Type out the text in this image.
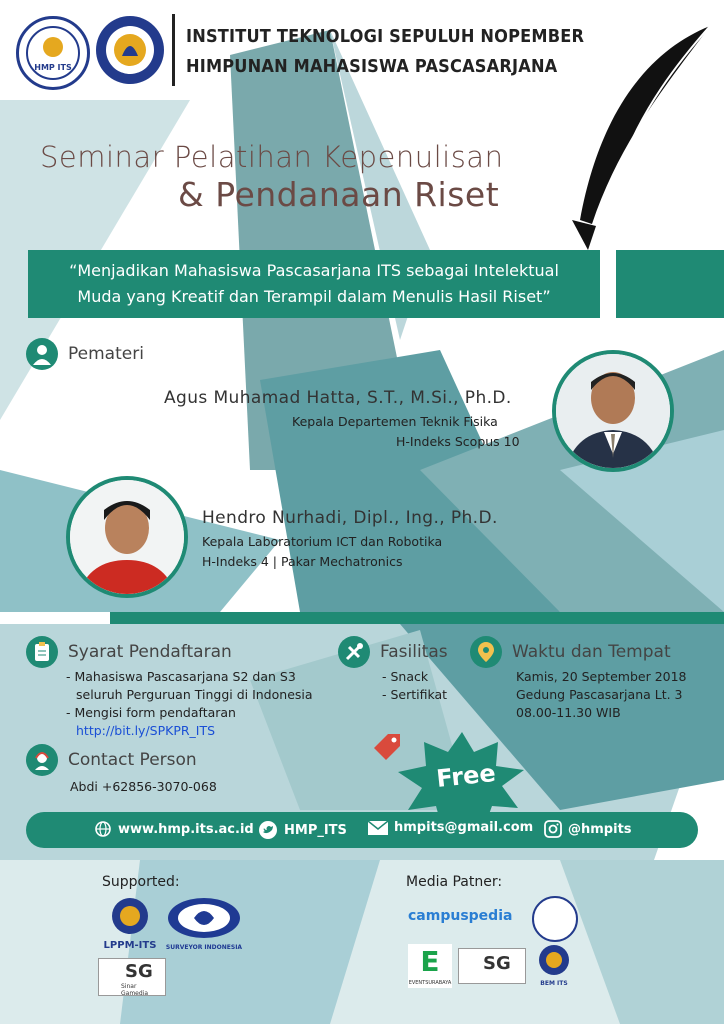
HMP ITS
INSTITUT TEKNOLOGI SEPULUH NOPEMBER
HIMPUNAN MAHASISWA PASCASARJANA
Seminar Pelatihan Kepenulisan
& Pendanaan Riset
“Menjadikan Mahasiswa Pascasarjana ITS sebagai Intelektual
Muda yang Kreatif dan Terampil dalam Menulis Hasil Riset”
Pemateri
Agus Muhamad Hatta, S.T., M.Si., Ph.D.
Kepala Departemen Teknik Fisika
H-Indeks Scopus 10
Hendro Nurhadi, Dipl., Ing., Ph.D.
Kepala Laboratorium ICT dan Robotika
H-Indeks 4 | Pakar Mechatronics
Syarat Pendaftaran
- Mahasiswa Pascasarjana S2 dan S3
seluruh Perguruan Tinggi di Indonesia
- Mengisi form pendaftaran
http://bit.ly/SPKPR_ITS
Fasilitas
- Snack
- Sertifikat
Waktu dan Tempat
Kamis, 20 September 2018
Gedung Pascasarjana Lt. 3
08.00-11.30 WIB
Contact Person
Abdi +62856-3070-068	Free
www.hmp.its.ac.id HMP_ITS	hmpits@gmail.com	@hmpits
Supported:
LPPM-ITS	SURVEYOR INDONESIA
SG
Sinar Gamedia
Media Patner:
campuspedia
E
EVENTSURABAYA
SG
BEM ITS
